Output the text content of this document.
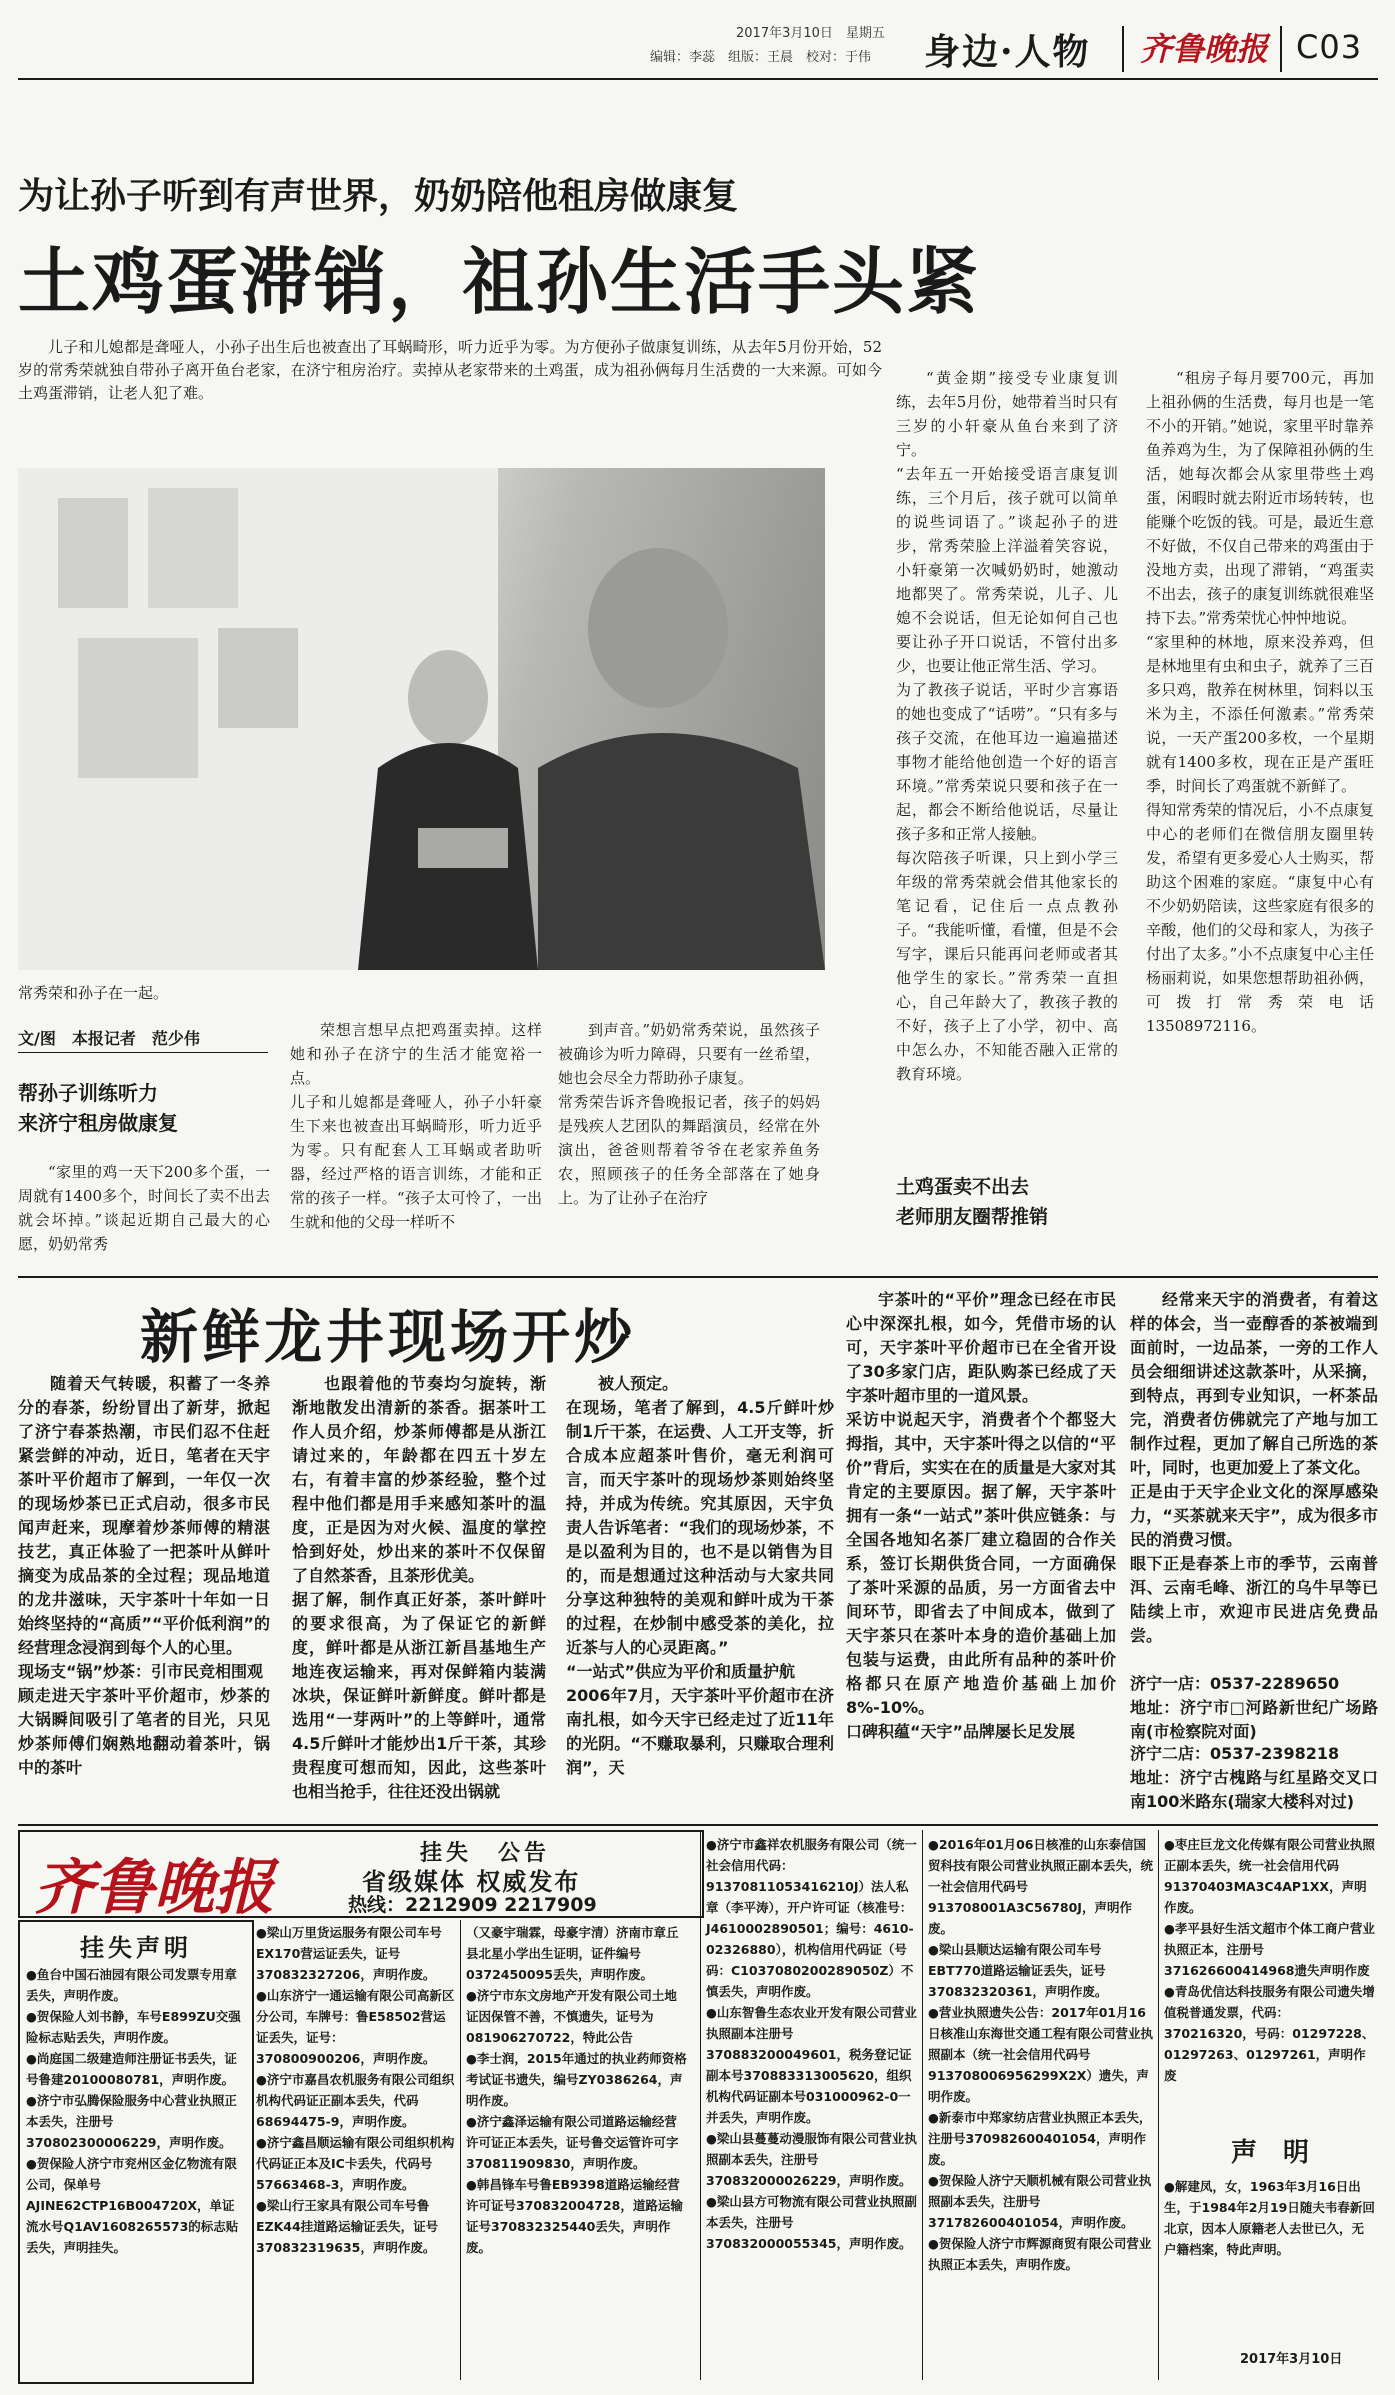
2017年3月10日　星期五
编辑：李蕊　组版：王晨　校对：于伟 身边·人物 齐鲁晚报 C03
为让孙子听到有声世界，奶奶陪他租房做康复
土鸡蛋滞销，祖孙生活手头紧

儿子和儿媳都是聋哑人，小孙子出生后也被查出了耳蜗畸形，听力近乎为零。为方便孙子做康复训练，从去年5月份开始，52岁的常秀荣就独自带孙子离开鱼台老家，在济宁租房治疗。卖掉从老家带来的土鸡蛋，成为祖孙俩每月生活费的一大来源。可如今土鸡蛋滞销，让老人犯了难。

常秀荣和孙子在一起。
文/图　本报记者　范少伟
帮孙子训练听力
来济宁租房做康复

“家里的鸡一天下200多个蛋，一周就有1400多个，时间长了卖不出去就会坏掉。”谈起近期自己最大的心愿，奶奶常秀

荣想言想早点把鸡蛋卖掉。这样她和孙子在济宁的生活才能宽裕一点。
儿子和儿媳都是聋哑人，孙子小轩豪生下来也被查出耳蜗畸形，听力近乎为零。只有配套人工耳蜗或者助听器，经过严格的语言训练，才能和正常的孩子一样。“孩子太可怜了，一出生就和他的父母一样听不

到声音。”奶奶常秀荣说，虽然孩子被确诊为听力障碍，只要有一丝希望，她也会尽全力帮助孙子康复。
常秀荣告诉齐鲁晚报记者，孩子的妈妈是残疾人艺团队的舞蹈演员，经常在外演出，爸爸则帮着爷爷在老家养鱼务农，照顾孩子的任务全部落在了她身上。为了让孙子在治疗

“黄金期”接受专业康复训练，去年5月份，她带着当时只有三岁的小轩豪从鱼台来到了济宁。
“去年五一开始接受语言康复训练，三个月后，孩子就可以简单的说些词语了。”谈起孙子的进步，常秀荣脸上洋溢着笑容说，小轩豪第一次喊奶奶时，她激动地都哭了。常秀荣说，儿子、儿媳不会说话，但无论如何自己也要让孙子开口说话，不管付出多少，也要让他正常生活、学习。
为了教孩子说话，平时少言寡语的她也变成了“话唠”。“只有多与孩子交流，在他耳边一遍遍描述事物才能给他创造一个好的语言环境。”常秀荣说只要和孩子在一起，都会不断给他说话，尽量让孩子多和正常人接触。
每次陪孩子听课，只上到小学三年级的常秀荣就会借其他家长的笔记看，记住后一点点教孙子。“我能听懂，看懂，但是不会写字，课后只能再问老师或者其他学生的家长。”常秀荣一直担心，自己年龄大了，教孩子教的不好，孩子上了小学，初中、高中怎么办，不知能否融入正常的教育环境。

土鸡蛋卖不出去
老师朋友圈帮推销

“租房子每月要700元，再加上祖孙俩的生活费，每月也是一笔不小的开销。”她说，家里平时靠养鱼养鸡为生，为了保障祖孙俩的生活，她每次都会从家里带些土鸡蛋，闲暇时就去附近市场转转，也能赚个吃饭的钱。可是，最近生意不好做，不仅自己带来的鸡蛋由于没地方卖，出现了滞销，“鸡蛋卖不出去，孩子的康复训练就很难坚持下去。”常秀荣忧心忡忡地说。
“家里种的林地，原来没养鸡，但是林地里有虫和虫子，就养了三百多只鸡，散养在树林里，饲料以玉米为主，不添任何激素。”常秀荣说，一天产蛋200多枚，一个星期就有1400多枚，现在正是产蛋旺季，时间长了鸡蛋就不新鲜了。
得知常秀荣的情况后，小不点康复中心的老师们在微信朋友圈里转发，希望有更多爱心人士购买，帮助这个困难的家庭。“康复中心有不少奶奶陪读，这些家庭有很多的辛酸，他们的父母和家人，为孩子付出了太多。”小不点康复中心主任杨丽莉说，如果您想帮助祖孙俩，可拨打常秀荣电话13508972116。

新鲜龙井现场开炒

随着天气转暖，积蓄了一冬养分的春茶，纷纷冒出了新芽，掀起了济宁春茶热潮，市民们忍不住赶紧尝鲜的冲动，近日，笔者在天宇茶叶平价超市了解到，一年仅一次的现场炒茶已正式启动，很多市民闻声赶来，现摩着炒茶师傅的精湛技艺，真正体验了一把茶叶从鲜叶摘变为成品茶的全过程；现品地道的龙井滋味，天宇茶叶十年如一日始终坚持的“高质”“平价低利润”的经营理念浸润到每个人的心里。
现场支“锅”炒茶：引市民竞相围观
顾走进天宇茶叶平价超市，炒茶的大锅瞬间吸引了笔者的目光，只见炒茶师傅们娴熟地翻动着茶叶，锅中的茶叶

也跟着他的节奏均匀旋转，渐渐地散发出清新的茶香。据茶叶工作人员介绍，炒茶师傅都是从浙江请过来的，年龄都在四五十岁左右，有着丰富的炒茶经验，整个过程中他们都是用手来感知茶叶的温度，正是因为对火候、温度的掌控恰到好处，炒出来的茶叶不仅保留了自然茶香，且茶形优美。
据了解，制作真正好茶，茶叶鲜叶的要求很高，为了保证它的新鲜度，鲜叶都是从浙江新昌基地生产地连夜运输来，再对保鲜箱内装满冰块，保证鲜叶新鲜度。鲜叶都是选用“一芽两叶”的上等鲜叶，通常4.5斤鲜叶才能炒出1斤干茶，其珍贵程度可想而知，因此，这些茶叶也相当抢手，往往还没出锅就

被人预定。
在现场，笔者了解到，4.5斤鲜叶炒制1斤干茶，在运费、人工开支等，折合成本应超茶叶售价，毫无利润可言，而天宇茶叶的现场炒茶则始终坚持，并成为传统。究其原因，天宇负责人告诉笔者：“我们的现场炒茶，不是以盈利为目的，也不是以销售为目的，而是想通过这种活动与大家共同分享这种独特的美观和鲜叶成为干茶的过程，在炒制中感受茶的美化，拉近茶与人的心灵距离。”
“一站式”供应为平价和质量护航
2006年7月，天宇茶叶平价超市在济南扎根，如今天宇已经走过了近11年的光阴。“不赚取暴利，只赚取合理利润”，天

宇茶叶的“平价”理念已经在市民心中深深扎根，如今，凭借市场的认可，天宇茶叶平价超市已在全省开设了30多家门店，距队购茶已经成了天宇茶叶超市里的一道风景。
采访中说起天宇，消费者个个都竖大拇指，其中，天宇茶叶得之以信的“平价”背后，实实在在的质量是大家对其肯定的主要原因。据了解，天宇茶叶拥有一条“一站式”茶叶供应链条：与全国各地知名茶厂建立稳固的合作关系，签订长期供货合同，一方面确保了茶叶采源的品质，另一方面省去中间环节，即省去了中间成本，做到了天宇茶只在茶叶本身的造价基础上加包装与运费，由此所有品种的茶叶价格都只在原产地造价基础上加价8%-10%。
口碑积蕴“天宇”品牌屡长足发展

经常来天宇的消费者，有着这样的体会，当一壶醇香的茶被端到面前时，一边品茶，一旁的工作人员会细细讲述这款茶叶，从采摘，到特点，再到专业知识，一杯茶品完，消费者仿佛就完了产地与加工制作过程，更加了解自己所选的茶叶，同时，也更加爱上了茶文化。
正是由于天宇企业文化的深厚感染力，“买茶就来天宇”，成为很多市民的消费习惯。
眼下正是春茶上市的季节，云南普洱、云南毛峰、浙江的乌牛早等已陆续上市，欢迎市民进店免费品尝。

济宁一店：0537-2289650
地址：济宁市□河路新世纪广场路南(市检察院对面)

济宁二店：0537-2398218
地址：济宁古槐路与红星路交叉口南100米路东(瑞家大楼科对过)

齐鲁晚报	挂失　公告
省级媒体 权威发布
热线：2212909 2217909
挂失声明
●鱼台中国石油园有限公司发票专用章丢失，声明作废。
●贺保险人刘书静，车号E899ZU交强险标志贴丢失，声明作废。
●尚庭国二级建造师注册证书丢失，证号鲁建20100080781，声明作废。
●济宁市弘腾保险服务中心营业执照正本丢失，注册号370802300006229，声明作废。
●贺保险人济宁市兖州区金亿物流有限公司，保单号AJINE62CTP16B004720X，单证流水号Q1AV1608265573的标志贴丢失，声明挂失。
●梁山万里货运服务有限公司车号EX170营运证丢失，证号370832327206，声明作废。
●山东济宁一通运输有限公司高新区分公司，车牌号：鲁E58502营运证丢失，证号：370800900206，声明作废。
●济宁市嘉昌农机服务有限公司组织机构代码证正副本丢失，代码68694475-9，声明作废。
●济宁鑫昌顺运输有限公司组织机构代码证正本及IC卡丢失，代码号57663468-3，声明作废。
●梁山行王家具有限公司车号鲁EZK44挂道路运输证丢失，证号370832319635，声明作废。
（又豪宇瑞霖，母豪宇清）济南市章丘县北星小学出生证明，证件编号0372450095丢失，声明作废。
●济宁市东文房地产开发有限公司土地证因保管不善，不慎遗失，证号为081906270722，特此公告
●李士润，2015年通过的执业药师资格考试证书遗失，编号ZY0386264，声明作废。
●济宁鑫泽运输有限公司道路运输经营许可证正本丢失，证号鲁交运管许可字370811909830，声明作废。
●韩昌锋车号鲁EB9398道路运输经营许可证号370832004728，道路运输证号370832325440丢失，声明作废。
●济宁市鑫祥农机服务有限公司（统一社会信用代码：91370811053416210J）法人私章（李平涛），开户许可证（核准号：J4610002890501；编号：4610-02326880），机构信用代码证（号码：C1037080200289050Z）不慎丢失，声明作废。
●山东智鲁生态农业开发有限公司营业执照副本注册号370883200049601，税务登记证副本号370883313005620，组织机构代码证副本号031000962-0一并丢失，声明作废。
●梁山县蔓蔓动漫服饰有限公司营业执照副本丢失，注册号370832000026229，声明作废。
●梁山县方可物流有限公司营业执照副本丢失，注册号370832000055345，声明作废。
●2016年01月06日核准的山东泰信国贸科技有限公司营业执照正副本丢失，统一社会信用代码号913708001A3C56780J，声明作废。
●梁山县顺达运输有限公司车号EBT770道路运输证丢失，证号370832320361，声明作废。
●营业执照遗失公告：2017年01月16日核准山东海世交通工程有限公司营业执照副本（统一社会信用代码号913708006956299X2X）遗失，声明作废。
●新泰市中郑家纺店营业执照正本丢失，注册号370982600401054，声明作废。
●贺保险人济宁天顺机械有限公司营业执照副本丢失，注册号371782600401054，声明作废。
●贺保险人济宁市辉源商贸有限公司营业执照正本丢失，声明作废。
●枣庄巨龙文化传媒有限公司营业执照正副本丢失，统一社会信用代码91370403MA3C4AP1XX，声明作废。
●孝平县好生活文超市个体工商户营业执照正本，注册号371626600414968遗失声明作废
●青岛优信达科技服务有限公司遗失增值税普通发票，代码：370216320，号码：01297228、01297263、01297261，声明作废
声　明
●解建凤，女，1963年3月16日出生，于1984年2月19日随夫韦春新回北京，因本人原籍老人去世已久，无户籍档案，特此声明。
2017年3月10日
